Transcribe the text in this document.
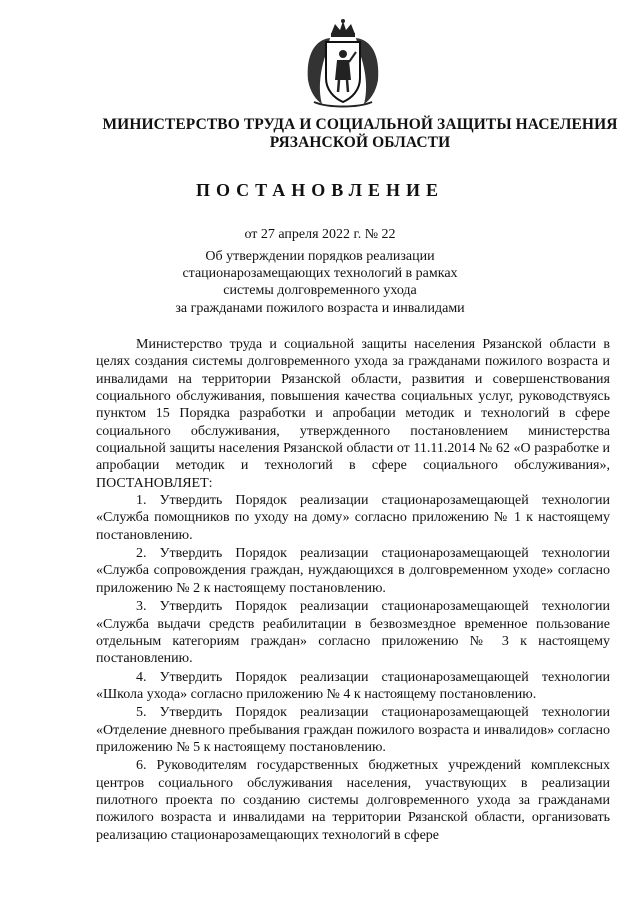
МИНИСТЕРСТВО ТРУДА И СОЦИАЛЬНОЙ ЗАЩИТЫ НАСЕЛЕНИЯ
РЯЗАНСКОЙ ОБЛАСТИ
ПОСТАНОВЛЕНИЕ
от 27 апреля 2022 г. № 22
Об утверждении порядков реализации
стационарозамещающих технологий в рамках
системы долговременного ухода
за гражданами пожилого возраста и инвалидами

Министерство труда и социальной защиты населения Рязанской области в целях создания системы долговременного ухода за гражданами пожилого возраста и инвалидами на территории Рязанской области, развития и совершенствования социального обслуживания, повышения качества социальных услуг, руководствуясь пунктом 15 Порядка разработки и апробации методик и технологий в сфере социального обслуживания, утвержденного постановлением министерства социальной защиты населения Рязанской области от 11.11.2014 № 62 «О разработке и апробации методик и технологий в сфере социального обслуживания», ПОСТАНОВЛЯЕТ:

1. Утвердить Порядок реализации стационарозамещающей технологии «Служба помощников по уходу на дому» согласно приложению № 1 к настоящему постановлению.

2. Утвердить Порядок реализации стационарозамещающей технологии «Служба сопровождения граждан, нуждающихся в долговременном уходе» согласно приложению № 2 к настоящему постановлению.

3. Утвердить Порядок реализации стационарозамещающей технологии «Служба выдачи средств реабилитации в безвозмездное временное пользование отдельным категориям граждан» согласно приложению № 3 к настоящему постановлению.

4. Утвердить Порядок реализации стационарозамещающей технологии «Школа ухода» согласно приложению № 4 к настоящему постановлению.

5. Утвердить Порядок реализации стационарозамещающей технологии «Отделение дневного пребывания граждан пожилого возраста и инвалидов» согласно приложению № 5 к настоящему постановлению.

6. Руководителям государственных бюджетных учреждений комплексных центров социального обслуживания населения, участвующих в реализации пилотного проекта по созданию системы долговременного ухода за гражданами пожилого возраста и инвалидами на территории Рязанской области, организовать реализацию стационарозамещающих технологий в сфере
